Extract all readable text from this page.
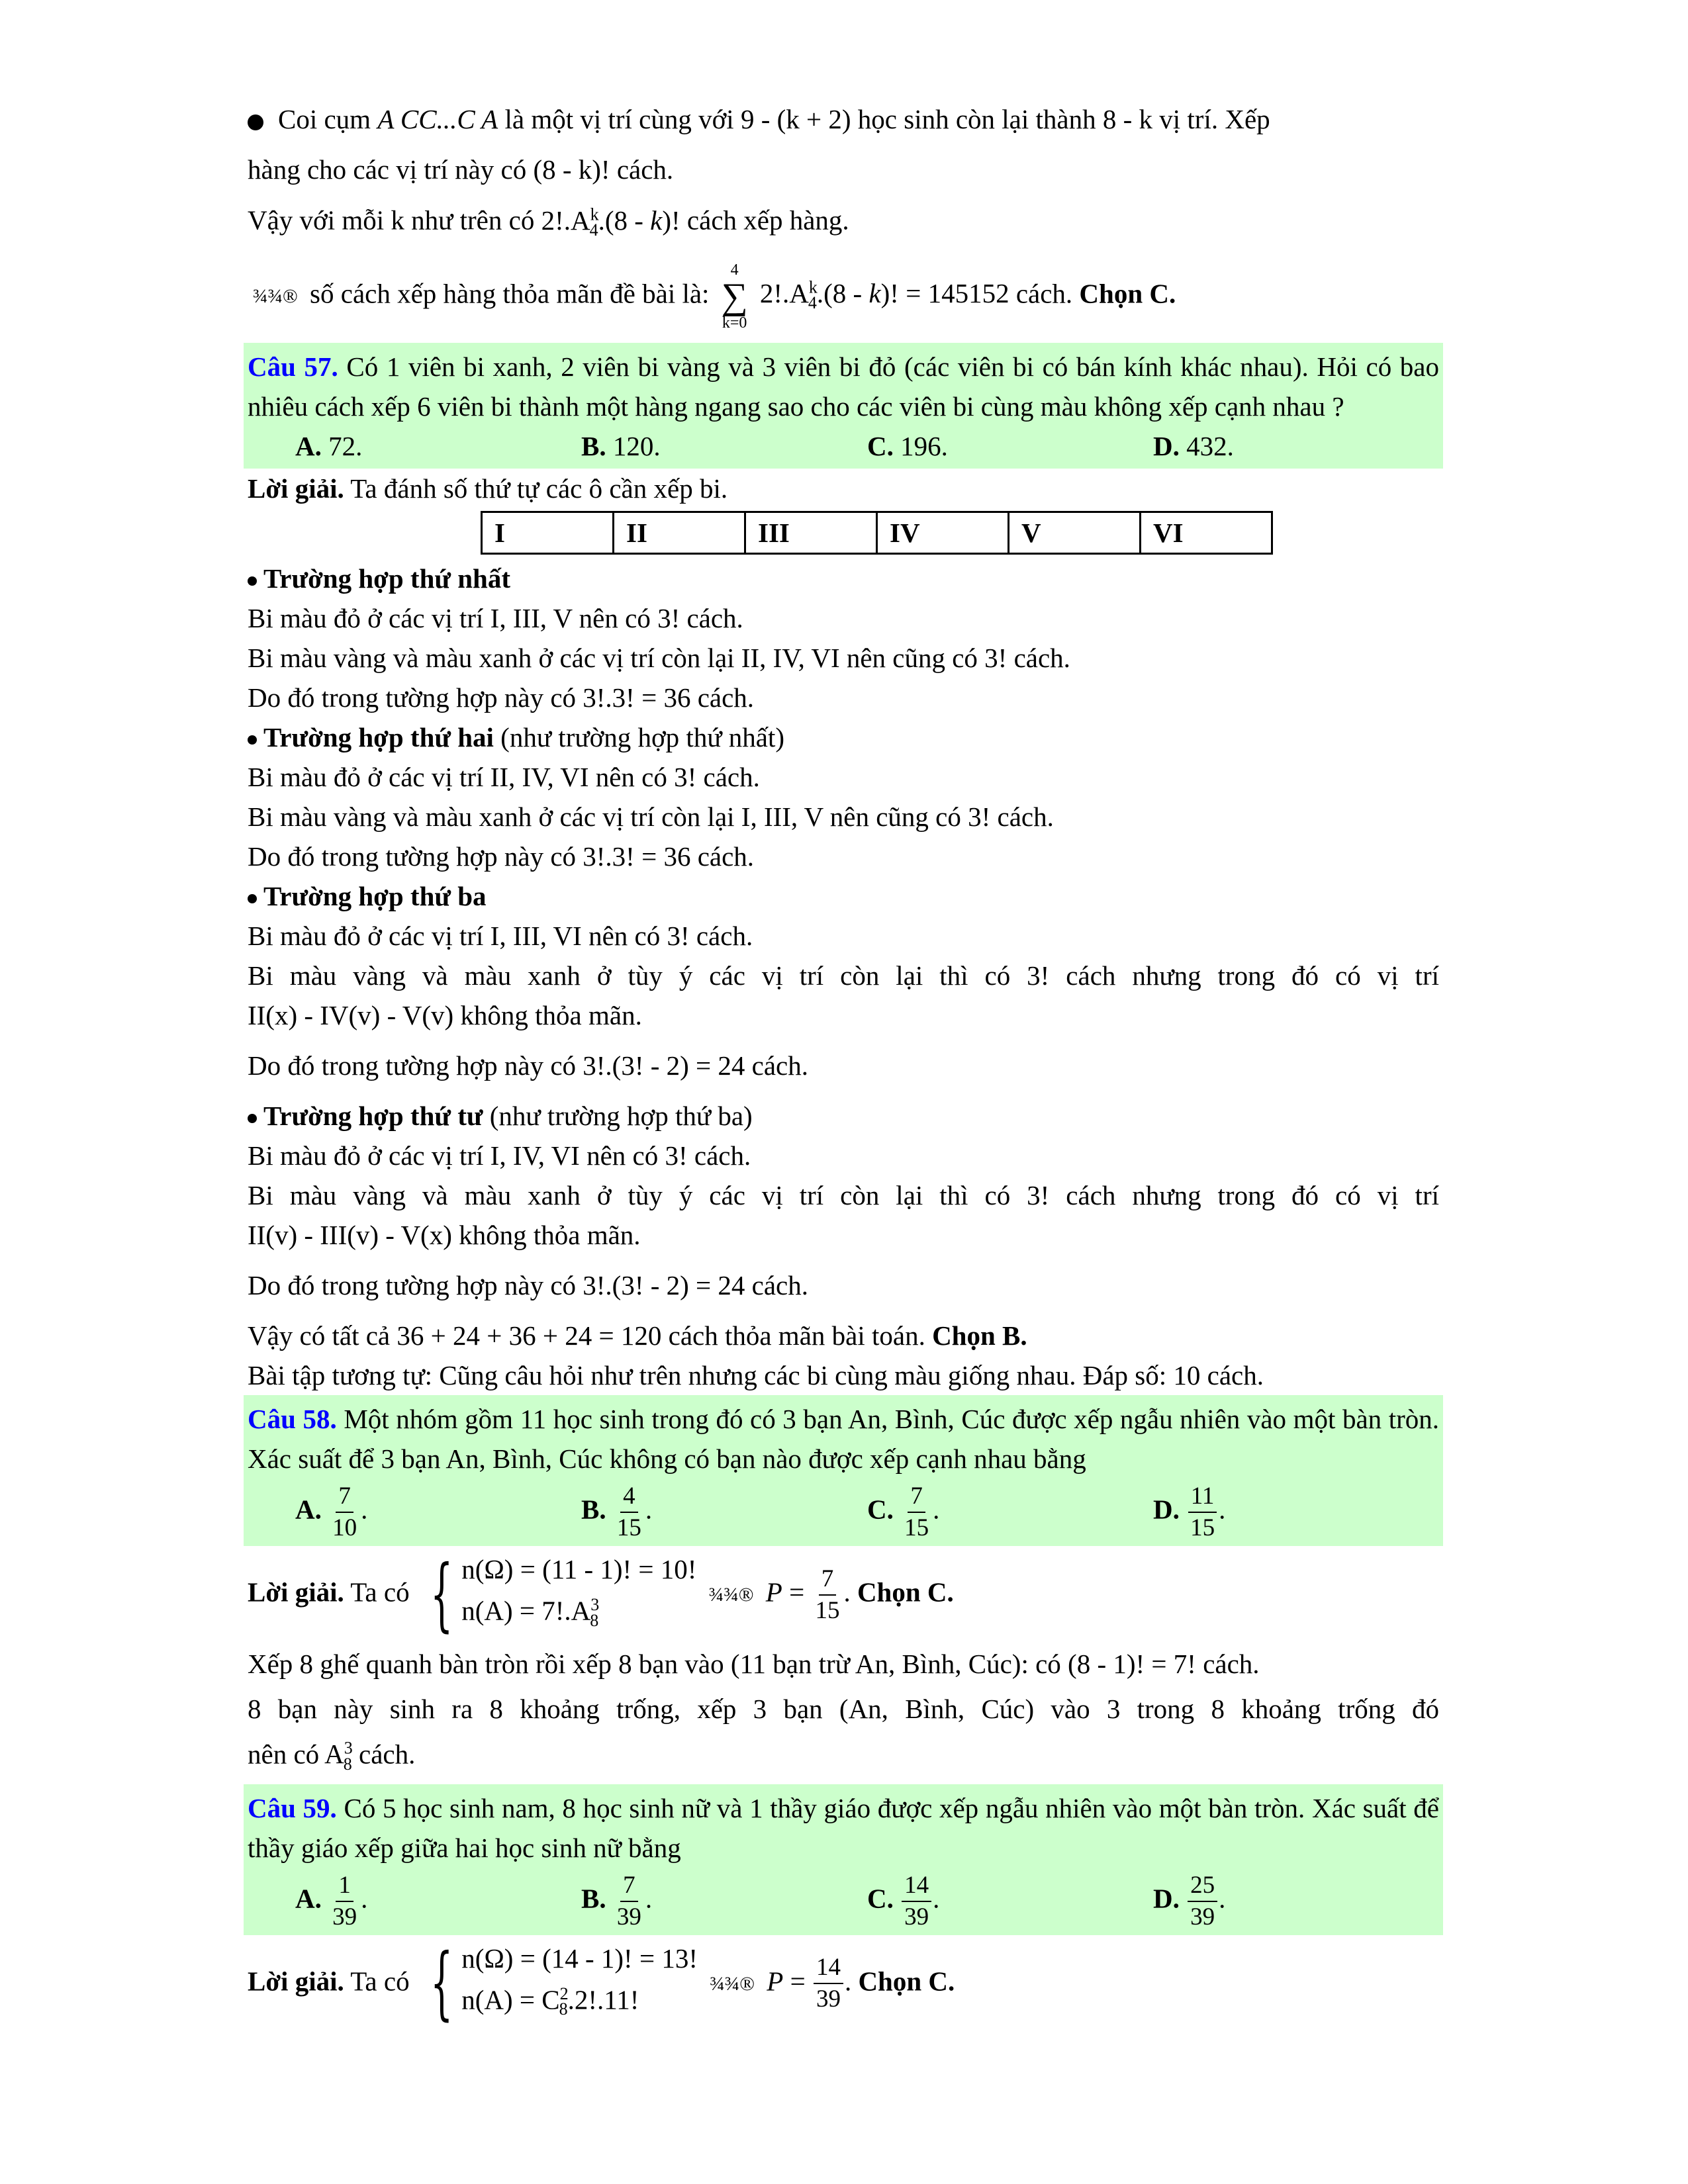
Coi cụm A CC...C A là một vị trí cùng với 9 - (k + 2) học sinh còn lại thành 8 - k vị trí. Xếp
hàng cho các vị trí này có (8 - k)! cách.
Vậy với mỗi k như trên có $2!.A^k_4.(8 - k)$! cách xếp hàng.
¾¾® số cách xếp hàng thỏa mãn đề bài là:
4
∑
k=0
$2!.A^k_4.(8 - k)$! = 145152 cách. Chọn C.
Câu 57. Có 1 viên bi xanh, 2 viên bi vàng và 3 viên bi đỏ (các viên bi có bán kính khác nhau). Hỏi có bao nhiêu cách xếp 6 viên bi thành một hàng ngang sao cho các viên bi cùng màu không xếp cạnh nhau ?
A. 72.	B. 120.	C. 196.	D. 432.
Lời giải. Ta đánh số thứ tự các ô cần xếp bi.
I	II	III	IV	V	VI
Trường hợp thứ nhất
Bi màu đỏ ở các vị trí I, III, V nên có 3! cách.
Bi màu vàng và màu xanh ở các vị trí còn lại II, IV, VI nên cũng có 3! cách.
Do đó trong tường hợp này có 3!.3! = 36 cách.
Trường hợp thứ hai (như trường hợp thứ nhất)
Bi màu đỏ ở các vị trí II, IV, VI nên có 3! cách.
Bi màu vàng và màu xanh ở các vị trí còn lại I, III, V nên cũng có 3! cách.
Do đó trong tường hợp này có 3!.3! = 36 cách.
Trường hợp thứ ba
Bi màu đỏ ở các vị trí I, III, VI nên có 3! cách.
Bi màu vàng và màu xanh ở tùy ý các vị trí còn lại thì có 3! cách nhưng trong đó có vị trí
II(x) - IV(v) - V(v) không thỏa mãn.
Do đó trong tường hợp này có 3!.(3! - 2) = 24 cách.
Trường hợp thứ tư (như trường hợp thứ ba)
Bi màu đỏ ở các vị trí I, IV, VI nên có 3! cách.
Bi màu vàng và màu xanh ở tùy ý các vị trí còn lại thì có 3! cách nhưng trong đó có vị trí
II(v) - III(v) - V(x) không thỏa mãn.
Do đó trong tường hợp này có 3!.(3! - 2) = 24 cách.
Vậy có tất cả 36 + 24 + 36 + 24 = 120 cách thỏa mãn bài toán. Chọn B.
Bài tập tương tự: Cũng câu hỏi như trên nhưng các bi cùng màu giống nhau. Đáp số: 10 cách.
Câu 58. Một nhóm gồm 11 học sinh trong đó có 3 bạn An, Bình, Cúc được xếp ngẫu nhiên vào một bàn tròn. Xác suất để 3 bạn An, Bình, Cúc không có bạn nào được xếp cạnh nhau bằng
A. $\frac{7}{10}$ .	B. $\frac{4}{15}$ .	C. $\frac{7}{15}$ .	D. $\frac{11}{15}$ .
Lời giải. Ta có { n(Ω) = (11 - 1)! = 10!
$n(A) = 7!.A^3_8$
¾¾® $P = \frac{7}{15}$ . Chọn C.
Xếp 8 ghế quanh bàn tròn rồi xếp 8 bạn vào (11 bạn trừ An, Bình, Cúc): có (8 - 1)! = 7! cách.
8 bạn này sinh ra 8 khoảng trống, xếp 3 bạn (An, Bình, Cúc) vào 3 trong 8 khoảng trống đó
nên có $A^3_8$ cách.
Câu 59. Có 5 học sinh nam, 8 học sinh nữ và 1 thầy giáo được xếp ngẫu nhiên vào một bàn tròn. Xác suất để thầy giáo xếp giữa hai học sinh nữ bằng
A. $\frac{1}{39}$ .	B. $\frac{7}{39}$ .	C. $\frac{14}{39}$ .	D. $\frac{25}{39}$ .
Lời giải. Ta có { n(Ω) = (14 - 1)! = 13!
$n(A) = C^2_8.2!.11$!
¾¾® $P = \frac{14}{39}$ . Chọn C.
